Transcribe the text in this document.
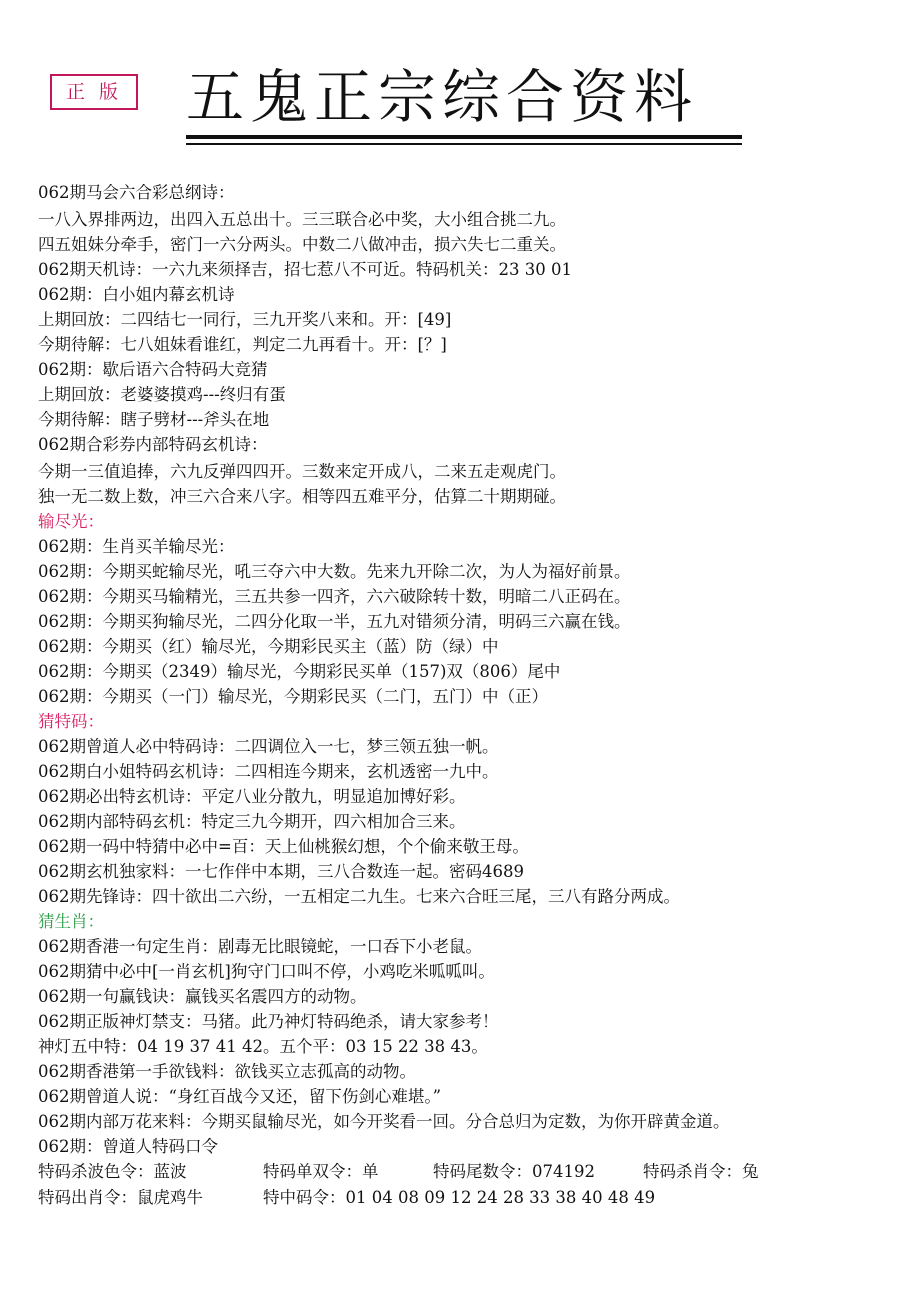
正 版 五鬼正宗综合资料
062期马会六合彩总纲诗：
一八入界排两边，出四入五总出十。三三联合必中奖，大小组合挑二九。
四五姐妹分牵手，密门一六分两头。中数二八做冲击，损六失七二重关。
062期天机诗：一六九来须择吉，招七惹八不可近。特码机关：23 30 01
062期：白小姐内幕玄机诗
上期回放：二四结七一同行，三九开奖八来和。开：[49]
今期待解：七八姐妹看谁红，判定二九再看十。开：[？]
062期：歇后语六合特码大竞猜
上期回放：老婆婆摸鸡---终归有蛋
今期待解：瞎子劈材---斧头在地
062期合彩券内部特码玄机诗：
今期一三值追捧，六九反弹四四开。三数来定开成八，二来五走观虎门。
独一无二数上数，冲三六合来八字。相等四五难平分，估算二十期期碰。
输尽光：
062期：生肖买羊输尽光：
062期：今期买蛇输尽光，吼三夺六中大数。先来九开除二次，为人为福好前景。
062期：今期买马输精光，三五共参一四齐，六六破除转十数，明暗二八正码在。
062期：今期买狗输尽光，二四分化取一半，五九对错须分清，明码三六赢在钱。
062期：今期买（红）输尽光，今期彩民买主（蓝）防（绿）中
062期：今期买（2349）输尽光，今期彩民买单（157)双（806）尾中
062期：今期买（一门）输尽光，今期彩民买（二门，五门）中（正）
猜特码：
062期曾道人必中特码诗：二四调位入一七，梦三领五独一帆。
062期白小姐特码玄机诗：二四相连今期来，玄机透密一九中。
062期必出特玄机诗：平定八业分散九，明显追加博好彩。
062期内部特码玄机：特定三九今期开，四六相加合三来。
062期一码中特猜中必中=百：天上仙桃猴幻想，个个偷来敬王母。
062期玄机独家料：一七作伴中本期，三八合数连一起。密码4689
062期先锋诗：四十欲出二六纷，一五相定二九生。七来六合旺三尾，三八有路分两成。
猜生肖：
062期香港一句定生肖：剧毒无比眼镜蛇，一口吞下小老鼠。
062期猜中必中[一肖玄机]狗守门口叫不停，小鸡吃米呱呱叫。
062期一句赢钱诀：赢钱买名震四方的动物。
062期正版神灯禁支：马猪。此乃神灯特码绝杀，请大家参考！
神灯五中特：04 19 37 41 42。五个平：03 15 22 38 43。
062期香港第一手欲钱料：欲钱买立志孤高的动物。
062期曾道人说：“身红百战今又还，留下伤剑心难堪。”
062期内部万花来料：今期买鼠输尽光，如今开奖看一回。分合总归为定数，为你开辟黄金道。
062期：曾道人特码口令
特码杀波色令：蓝波	特码单双令：单	特码尾数令：074192	特码杀肖令：兔
特码出肖令：鼠虎鸡牛	特中码令：01 04 08 09 12 24 28 33 38 40 48 49
